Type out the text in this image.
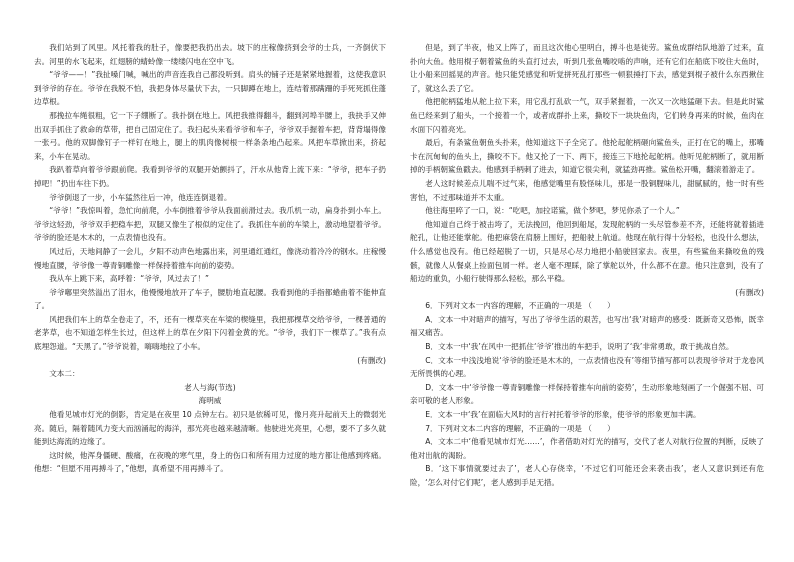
我们站到了风里。风托着我的肚子，像要把我扔出去。坡下的庄稼像挤到会爷的士兵，一齐倒伏下去。河里的水飞起来，红翅膀的蜻蛉像一缕缕闪电在空中飞。

“爷爷——！”我扯嗓门喊，喊出的声音连我自己都没听到。肩头的铺子还是紧紧地握着，这使我意识到爷爷的存在。爷爷在我脱不怕，我把身体尽量伏下去，一只脚蹲在地上，连结着那蹒跚的手死死抓住蓬边草根。

那挽拉车绳很粗，它一下子绷断了。我扑倒在地上。风把我推得翻斗，翻到河埠半腰上，我抉手又伸出双手抓住了救命的草带，把自己固定住了。我扫起头来看爷爷和车子，爷爷双手握着车把，背背塌得像一张弓。他的双脚像钉子一样钉在地上，腿上的肌肉像树根一样条条地凸起来。风把车草掀出来，挤起来，小车在晃动。

我趴着草向着爷爷跟前爬。我看到爷爷的双腿开始颤抖了，汗水从他背上流下来：“爷爷，把车子扔掉吧！”扔出车往下扔。

爷爷倒退了一步，小车猛然往后一冲，他连连倒退着。

“爷爷！”我惊叫着，急忙向前爬，小车倒推着爷爷从我面前滑过去。我爪机一动，扁身扑到小车上。爷爷这轻劲，爷爷双手把稳车把，双腿又像生了根似的定住了。我抓住车前的车梁上，激动地望着爷爷。爷爷的脸还是木木的，一点表情也没有。

风过后，天地间静了一会儿，夕阳不动声色地露出来，河里通红通红，像浇动着冷冷的钢水。庄稼慢慢地直腰，爷爷像一尊青铜雕像一样保持着推车向前的姿势。

我从车上跳下来，高呼着：“爷爷，风过去了！”

爷爷嘟里突然溢出了泪水，他慢慢地放开了车子，腰肋地直起腰。我看到他的手指都蜷曲着不能伸直了。

风把我们车上的草全卷走了，不，还有一棵草夹在车梁的楔缝里，我把那棵草交给爷爷，一棵普通的老茅草，也不知道怎样生长过，但这样上的草在夕阳下闪着金黄的光。“爷爷，我们下一棵草了。”我有点底埋怨道。“天黑了。”爷爷说着，嗨嗨地拉了小车。

(有删改)

文本二：

老人与海(节选)

海明威

他看见城市灯光的倒影，肯定是在夜里 10 点钟左右。初只是依稀可见，像月亮升起前天上的微弱光亮。随后，隔着随风力变大而汹涌起的海洋，那光亮也越来越清晰。他驶进光亮里，心想，要不了多久就能到达海流的边缘了。

这时候，他浑身僵硬、酸痛，在夜晚的寒气里，身上的伤口和所有用力过度的地方都让他感到疼痛。他想：“但愿不用再搏斗了，”他想，真希望不用再搏斗了。

但是，到了半夜，他又上阵了，而且这次他心里明白，搏斗也是徒劳。鲨鱼成群结队地游了过来，直扑向大鱼。他用棍子朝着鲨鱼的头直打过去，听到几张鱼嘴咬啮的声响，还有它们在船底下咬住大鱼时，让小船来回摇晃的声音。他只能凭感觉和听觉拼死乱打那些一顿狠捶打下去，感觉到棍子被什么东西揪住了，就这么丢了它。

他把舵柄猛地从舵上拉下来，用它乱打乱砍一气，双手紧握着，一次又一次地猛砸下去。但是此时鲨鱼已经来到了船头，一个接着一个，或者成群扑上来，撕咬下一块块鱼肉，它们转身再来的时候，鱼肉在水面下闪着亮光。

最后，有条鲨鱼朝鱼头扑来，他知道这下子全完了。他抡起舵柄砸向鲨鱼头，正打在它的嘴上，那嘴卡在沉甸甸的鱼头上，撕咬不下。他又抡了一下、两下，接连三下地抡起舵柄。他听见舵柄断了，就用断掉的手柄朝鲨鱼戳去。他感到手柄刺了进去，知道它很尖利，就猛劲再推。鲨鱼松开嘴，翻滚着游走了。

老人这时候差点儿喘不过气来，他感觉嘴里有股怪味儿，那是一股铜腥味儿，甜腻腻的，他一时有些害怕，不过那味道并不太重。

他往海里啐了一口，说：“吃吧，加拉诺鲨，做个梦吧，梦见你杀了一个人。”

他知道自己终于被击垮了，无法挽回，他回到船尾，发现舵柄的一头尽管参差不齐，还能将就着插进舵孔，让他还能掌舵。他把麻袋在肩膀上围好，把船驶上航道。他现在航行得十分轻松，也没什么想法，什么感觉也没有。他已经超脱了一切，只是尽心尽力地把小船驶回家去。夜里，有些鲨鱼来撕咬鱼的残骸，就像人从餐桌上捡面包屑一样。老人毫不理睬，除了掌舵以外，什么都不在意。他只注意到，没有了船边的重负，小船行驶得那么轻松，那么平稳。

(有删改)

6．下列对文本一内容的理解，不正确的一项是 （　　）

A．文本一中对暗声的描写，写出了爷爷生活的艰苦，也写出‘我’对暗声的感受：既新奇又恐怖，既幸福又痛苦。

B．文本一中‘我’在风中一把抓住‘爷爷’推出的车把手，说明了‘我’非常勇敢，敢于挑战自然。

C．文本一中浅浅地说‘爷爷的脸还是木木的，一点表情也没有’等细节描写都可以表现爷爷对于龙卷风无所畏惧的心理。

D．文本一中‘爷爷像一尊青铜雕像一样保持着推车向前的姿势’，生动形象地刻画了一个倔强不屈、可亲可敬的老人形象。

E．文本一中‘我’在面临大风时的言行衬托着爷爷的形象，使爷爷的形象更加丰满。

7．下列对文本二内容的理解，不正确的一项是 （　　）

A．文本二中‘他看见城市灯光……’，作者借助对灯光的描写，交代了老人对航行位置的判断，反映了他对出航的渴盼。

B．‘这下事情就要过去了’，老人心存侥幸，‘不过它们可能还会来袭击我’，老人又意识到还有危险，‘怎么对付它们呢’，老人感到手足无措。
